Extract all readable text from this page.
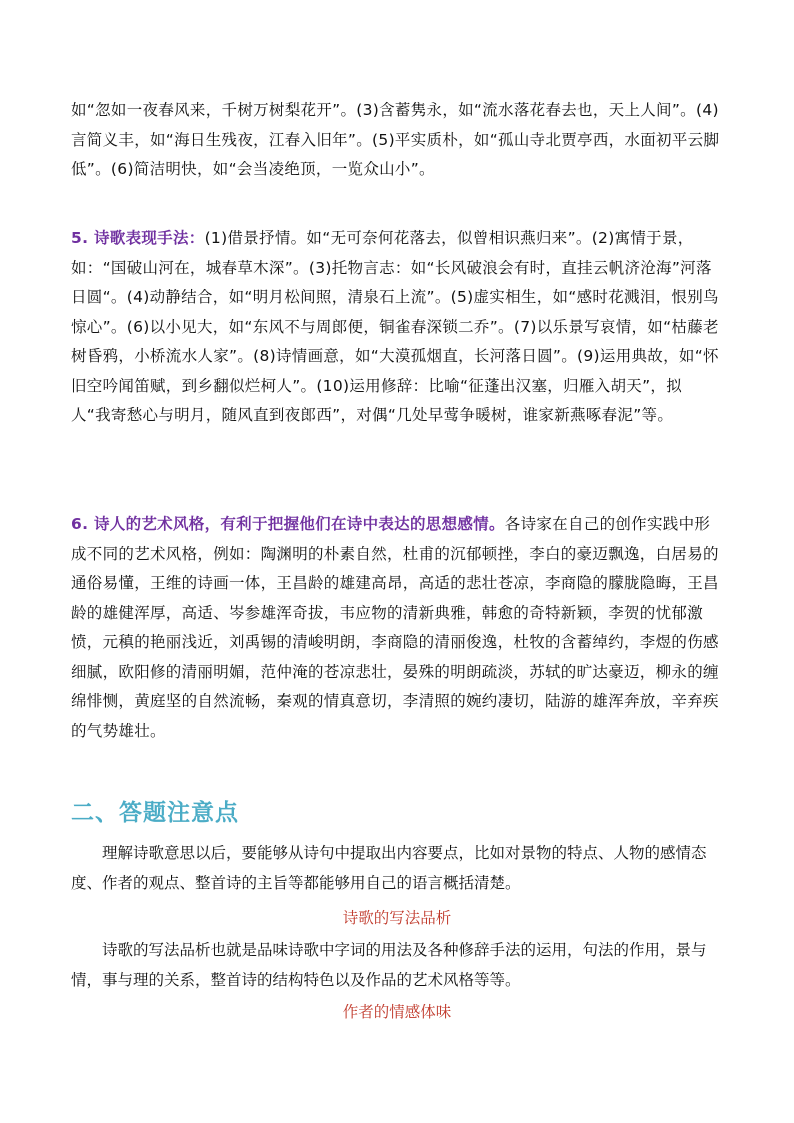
如“忽如一夜春风来，千树万树梨花开”。(3)含蓄隽永，如“流水落花春去也，天上人间”。(4)言简义丰，如“海日生残夜，江春入旧年”。(5)平实质朴，如“孤山寺北贾亭西，水面初平云脚低”。(6)简洁明快，如“会当凌绝顶，一览众山小”。
5. 诗歌表现手法：(1)借景抒情。如“无可奈何花落去，似曾相识燕归来”。(2)寓情于景，如：“国破山河在，城春草木深”。(3)托物言志：如“长风破浪会有时，直挂云帆济沧海”河落日圆“。(4)动静结合，如“明月松间照，清泉石上流”。(5)虚实相生，如“感时花溅泪，恨别鸟惊心”。(6)以小见大，如“东风不与周郎便，铜雀春深锁二乔”。(7)以乐景写哀情，如“枯藤老树昏鸦，小桥流水人家”。(8)诗情画意，如“大漠孤烟直，长河落日圆”。(9)运用典故，如“怀旧空吟闻笛赋，到乡翻似烂柯人”。(10)运用修辞：比喻“征蓬出汉塞，归雁入胡天”，拟人“我寄愁心与明月，随风直到夜郎西”，对偶“几处早莺争暖树，谁家新燕啄春泥”等。
6. 诗人的艺术风格，有利于把握他们在诗中表达的思想感情。各诗家在自己的创作实践中形成不同的艺术风格，例如：陶渊明的朴素自然，杜甫的沉郁顿挫，李白的豪迈飘逸，白居易的通俗易懂，王维的诗画一体，王昌龄的雄建高昂，高适的悲壮苍凉，李商隐的朦胧隐晦，王昌龄的雄健浑厚，高适、岑参雄浑奇拔，韦应物的清新典雅，韩愈的奇特新颖，李贺的忧郁激愤，元稹的艳丽浅近，刘禹锡的清峻明朗，李商隐的清丽俊逸，杜牧的含蓄绰约，李煜的伤感细腻，欧阳修的清丽明媚，范仲淹的苍凉悲壮，晏殊的明朗疏淡，苏轼的旷达豪迈，柳永的缠绵悱恻，黄庭坚的自然流畅，秦观的情真意切，李清照的婉约凄切，陆游的雄浑奔放，辛弃疾的气势雄壮。
二、答题注意点
理解诗歌意思以后，要能够从诗句中提取出内容要点，比如对景物的特点、人物的感情态度、作者的观点、整首诗的主旨等都能够用自己的语言概括清楚。
诗歌的写法品析
诗歌的写法品析也就是品味诗歌中字词的用法及各种修辞手法的运用，句法的作用，景与情，事与理的关系，整首诗的结构特色以及作品的艺术风格等等。
作者的情感体味
